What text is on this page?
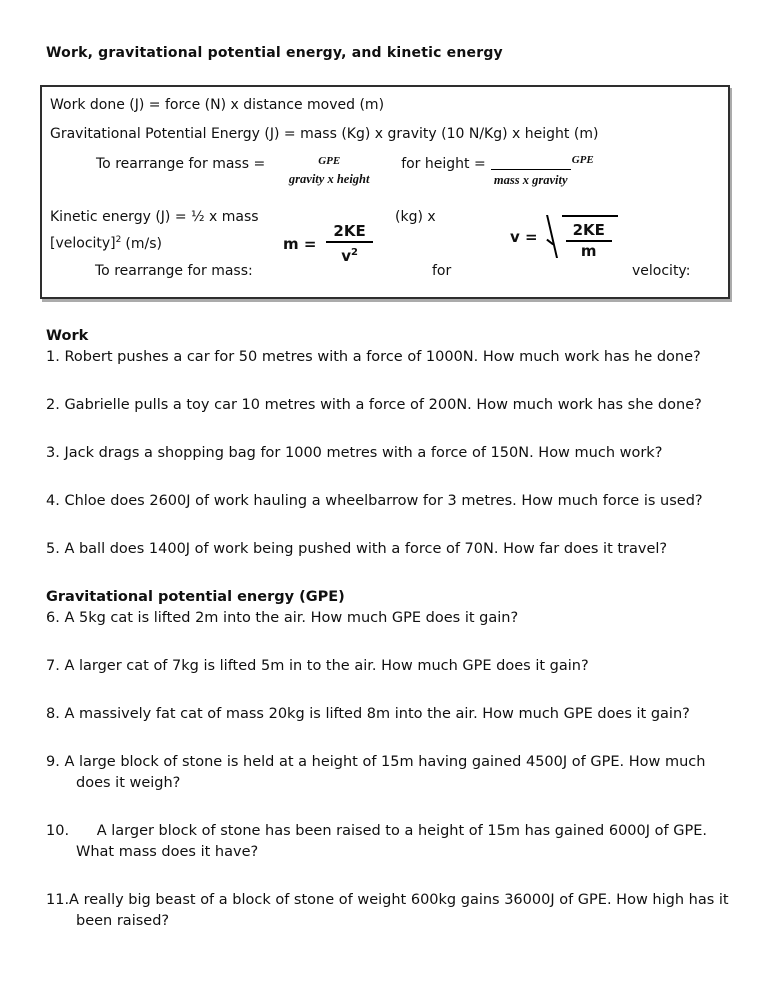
Work, gravitational potential energy, and kinetic energy

Work done (J) = force (N) x distance moved (m)

Gravitational Potential Energy (J) = mass (Kg) x gravity (10 N/Kg) x height (m)

To rearrange for mass =	GPE
gravity x height
for height =	GPE
mass x gravity
Kinetic energy (J) = ½ x mass	(kg) x
[velocity]$^2$ (m/s)	$m = \frac{2KE}{v^2}$	$v = \frac{2KE}{m}$
To rearrange for mass:	for	velocity:
Work
1. Robert pushes a car for 50 metres with a force of 1000N. How much work has he done?
2. Gabrielle pulls a toy car 10 metres with a force of 200N. How much work has she done?
3. Jack drags a shopping bag for 1000 metres with a force of 150N. How much work?
4. Chloe does 2600J of work hauling a wheelbarrow for 3 metres. How much force is used?
5. A ball does 1400J of work being pushed with a force of 70N. How far does it travel?
Gravitational potential energy (GPE)
6. A 5kg cat is lifted 2m into the air. How much GPE does it gain?
7. A larger cat of 7kg is lifted 5m in to the air. How much GPE does it gain?
8. A massively fat cat of mass 20kg is lifted 8m into the air. How much GPE does it gain?
9. A large block of stone is held at a height of 15m having gained 4500J of GPE. How much does it weigh?
10.      A larger block of stone has been raised to a height of 15m has gained 6000J of GPE. What mass does it have?
11.A really big beast of a block of stone of weight 600kg gains 36000J of GPE. How high has it been raised?
